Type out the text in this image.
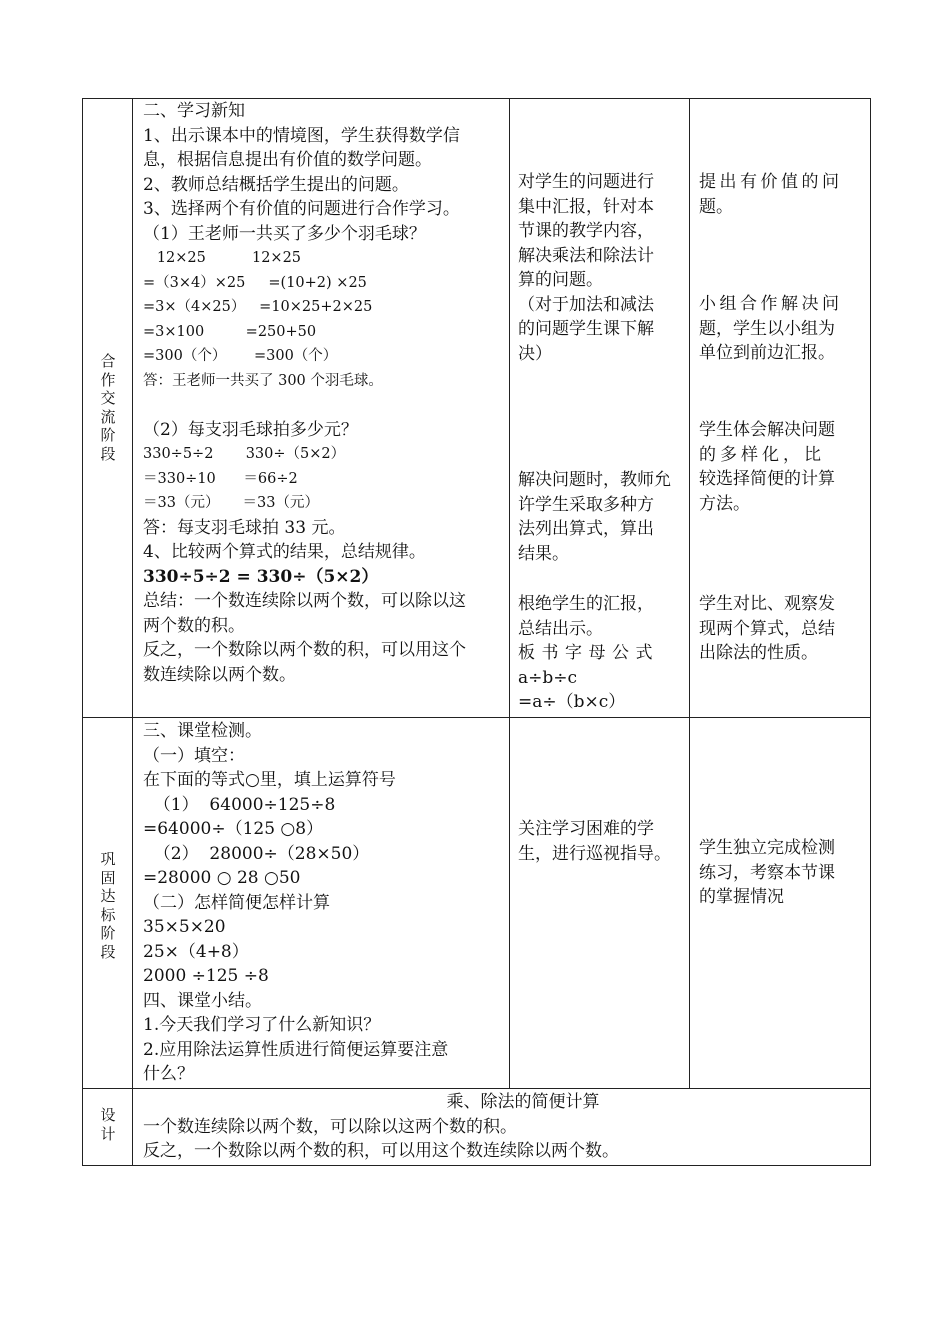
合
作
交
流
阶
段
二、学习新知
1、出示课本中的情境图，学生获得数学信
息，根据信息提出有价值的数学问题。
2、教师总结概括学生提出的问题。
3、选择两个有价值的问题进行合作学习。
（1）王老师一共买了多少个羽毛球？
12×25          12×25
=（3×4）×25     =(10+2) ×25
=3×（4×25）   =10×25+2×25
=3×100         =250+50
=300（个）      =300（个）
答：王老师一共买了 300 个羽毛球。
（2）每支羽毛球拍多少元？
330÷5÷2       330÷（5×2）
＝330÷10      ＝66÷2
＝33（元）     ＝33（元）
答：每支羽毛球拍 33 元。
4、比较两个算式的结果，总结规律。
330÷5÷2 = 330÷（5×2）
总结：一个数连续除以两个数，可以除以这
两个数的积。
反之，一个数除以两个数的积，可以用这个
数连续除以两个数。
对学生的问题进行
集中汇报，针对本
节课的教学内容，
解决乘法和除法计
算的问题。
（对于加法和减法
的问题学生课下解
决）
解决问题时，教师允
许学生采取多种方
法列出算式，算出
结果。
根绝学生的汇报，
总结出示。
板书字母公式
a÷b÷c
=a÷（b×c）
提出有价值的问
题。
小组合作解决问
题，学生以小组为
单位到前边汇报。
学生体会解决问题
的多样化，比
较选择简便的计算
方法。
学生对比、观察发
现两个算式，总结
出除法的性质。
巩
固
达
标
阶
段
三、课堂检测。
（一）填空：
在下面的等式○里，填上运算符号
（1）  64000÷125÷8
=64000÷（125 ○8）
（2）  28000÷（28×50）
=28000 ○ 28 ○50
（二）怎样简便怎样计算
35×5×20
25×（4+8）
2000 ÷125 ÷8
四、课堂小结。
1.今天我们学习了什么新知识？
2.应用除法运算性质进行简便运算要注意
什么？
关注学习困难的学
生，进行巡视指导。	学生独立完成检测
练习，考察本节课
的掌握情况
设
计
乘、除法的简便计算
一个数连续除以两个数，可以除以这两个数的积。
反之，一个数除以两个数的积，可以用这个数连续除以两个数。
